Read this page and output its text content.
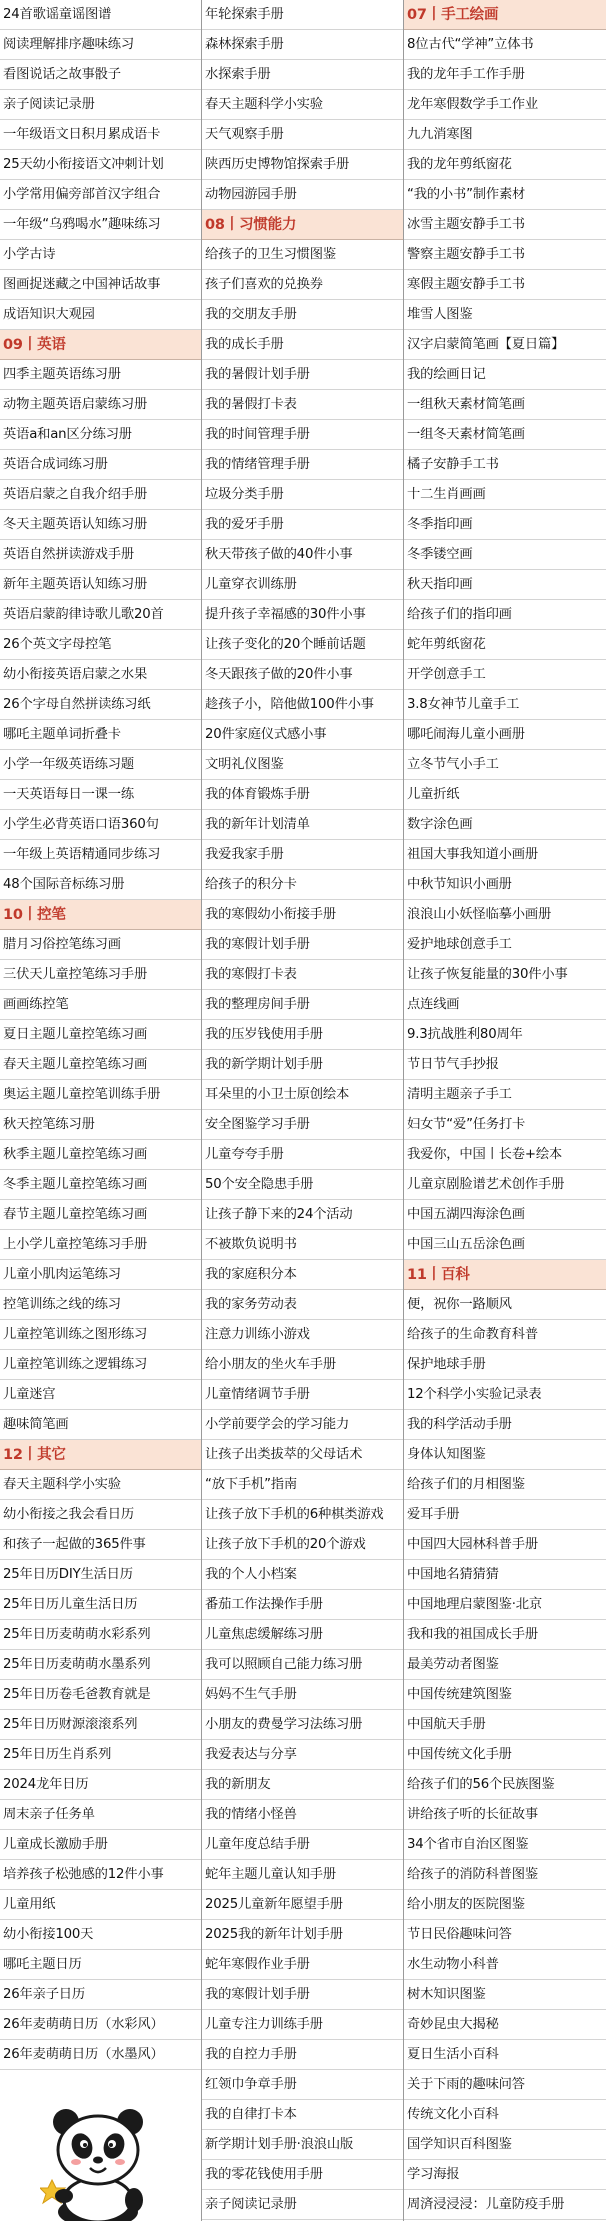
24首歌谣童谣图谱
阅读理解排序趣味练习
看图说话之故事骰子
亲子阅读记录册
一年级语文日积月累成语卡
25天幼小衔接语文冲刺计划
小学常用偏旁部首汉字组合
一年级“乌鸦喝水”趣味练习
小学古诗
图画捉迷藏之中国神话故事
成语知识大观园
09丨英语
四季主题英语练习册
动物主题英语启蒙练习册
英语a和an区分练习册
英语合成词练习册
英语启蒙之自我介绍手册
冬天主题英语认知练习册
英语自然拼读游戏手册
新年主题英语认知练习册
英语启蒙韵律诗歌儿歌20首
26个英文字母控笔
幼小衔接英语启蒙之水果
26个字母自然拼读练习纸
哪吒主题单词折叠卡
小学一年级英语练习题
一天英语每日一课一练
小学生必背英语口语360句
一年级上英语精通同步练习
48个国际音标练习册
10丨控笔
腊月习俗控笔练习画
三伏天儿童控笔练习手册
画画练控笔
夏日主题儿童控笔练习画
春天主题儿童控笔练习画
奥运主题儿童控笔训练手册
秋天控笔练习册
秋季主题儿童控笔练习画
冬季主题儿童控笔练习画
春节主题儿童控笔练习画
上小学儿童控笔练习手册
儿童小肌肉运笔练习
控笔训练之线的练习
儿童控笔训练之图形练习
儿童控笔训练之逻辑练习
儿童迷宫
趣味简笔画
12丨其它
春天主题科学小实验
幼小衔接之我会看日历
和孩子一起做的365件事
25年日历DIY生活日历
25年日历儿童生活日历
25年日历麦萌萌水彩系列
25年日历麦萌萌水墨系列
25年日历卷毛爸教育就是
25年日历财源滚滚系列
25年日历生肖系列
2024龙年日历
周末亲子任务单
儿童成长激励手册
培养孩子松弛感的12件小事
儿童用纸
幼小衔接100天
哪吒主题日历
26年亲子日历
26年麦萌萌日历（水彩风）
26年麦萌萌日历（水墨风）
年轮探索手册
森林探索手册
水探索手册
春天主题科学小实验
天气观察手册
陕西历史博物馆探索手册
动物园游园手册
08丨习惯能力
给孩子的卫生习惯图鉴
孩子们喜欢的兑换券
我的交朋友手册
我的成长手册
我的暑假计划手册
我的暑假打卡表
我的时间管理手册
我的情绪管理手册
垃圾分类手册
我的爱牙手册
秋天带孩子做的40件小事
儿童穿衣训练册
提升孩子幸福感的30件小事
让孩子变化的20个睡前话题
冬天跟孩子做的20件小事
趁孩子小，陪他做100件小事
20件家庭仪式感小事
文明礼仪图鉴
我的体育锻炼手册
我的新年计划清单
我爱我家手册
给孩子的积分卡
我的寒假幼小衔接手册
我的寒假计划手册
我的寒假打卡表
我的整理房间手册
我的压岁钱使用手册
我的新学期计划手册
耳朵里的小卫士原创绘本
安全图鉴学习手册
儿童夸夸手册
50个安全隐患手册
让孩子静下来的24个活动
不被欺负说明书
我的家庭积分本
我的家务劳动表
注意力训练小游戏
给小朋友的坐火车手册
儿童情绪调节手册
小学前要学会的学习能力
让孩子出类拔萃的父母话术
“放下手机”指南
让孩子放下手机的6种棋类游戏
让孩子放下手机的20个游戏
我的个人小档案
番茄工作法操作手册
儿童焦虑缓解练习册
我可以照顾自己能力练习册
妈妈不生气手册
小朋友的费曼学习法练习册
我爱表达与分享
我的新朋友
我的情绪小怪兽
儿童年度总结手册
蛇年主题儿童认知手册
2025儿童新年愿望手册
2025我的新年计划手册
蛇年寒假作业手册
我的寒假计划手册
儿童专注力训练手册
我的自控力手册
红领巾争章手册
我的自律打卡本
新学期计划手册·浪浪山版
我的零花钱使用手册
亲子阅读记录册
07丨手工绘画
8位古代“学神”立体书
我的龙年手工作手册
龙年寒假数学手工作业
九九消寒图
我的龙年剪纸窗花
“我的小书”制作素材
冰雪主题安静手工书
警察主题安静手工书
寒假主题安静手工书
堆雪人图鉴
汉字启蒙简笔画【夏日篇】
我的绘画日记
一组秋天素材简笔画
一组冬天素材简笔画
橘子安静手工书
十二生肖画画
冬季指印画
冬季镂空画
秋天指印画
给孩子们的指印画
蛇年剪纸窗花
开学创意手工
3.8女神节儿童手工
哪吒闹海儿童小画册
立冬节气小手工
儿童折纸
数字涂色画
祖国大事我知道小画册
中秋节知识小画册
浪浪山小妖怪临摹小画册
爱护地球创意手工
让孩子恢复能量的30件小事
点连线画
9.3抗战胜利80周年
节日节气手抄报
清明主题亲子手工
妇女节“爱”任务打卡
我爱你，中国丨长卷+绘本
儿童京剧脸谱艺术创作手册
中国五湖四海涂色画
中国三山五岳涂色画
11丨百科
便，祝你一路顺风
给孩子的生命教育科普
保护地球手册
12个科学小实验记录表
我的科学活动手册
身体认知图鉴
给孩子们的月相图鉴
爱耳手册
中国四大园林科普手册
中国地名猜猜猜
中国地理启蒙图鉴·北京
我和我的祖国成长手册
最美劳动者图鉴
中国传统建筑图鉴
中国航天手册
中国传统文化手册
给孩子们的56个民族图鉴
讲给孩子听的长征故事
34个省市自治区图鉴
给孩子的消防科普图鉴
给小朋友的医院图鉴
节日民俗趣味问答
水生动物小科普
树木知识图鉴
奇妙昆虫大揭秘
夏日生活小百科
关于下雨的趣味问答
传统文化小百科
国学知识百科图鉴
学习海报
周済浸浸浸：儿童防疫手册
